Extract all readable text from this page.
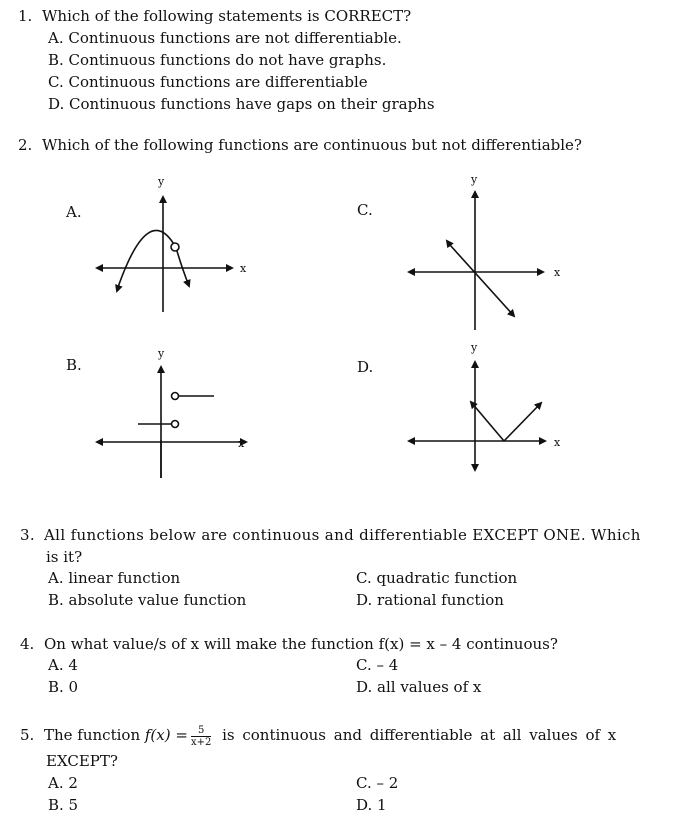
1. Which of the following statements is CORRECT?
A. Continuous functions are not differentiable.
B. Continuous functions do not have graphs.
C. Continuous functions are differentiable
D. Continuous functions have gaps on their graphs
2. Which of the following functions are continuous but not differentiable?
A.	C.
B.	D.
y
x
y
x
y
x
y
x
3. All functions below are continuous and differentiable EXCEPT ONE. Which
is it?
A. linear function	C. quadratic function
B. absolute value function	D. rational function
4. On what value/s of x will make the function f(x) = x – 4 continuous?
A. 4	C. – 4
B. 0	D. all values of x
5. The function $f(x) = \frac{5}{x+2}$ is continuous and differentiable at all values of x
EXCEPT?
A. 2	C. – 2
B. 5	D. 1
